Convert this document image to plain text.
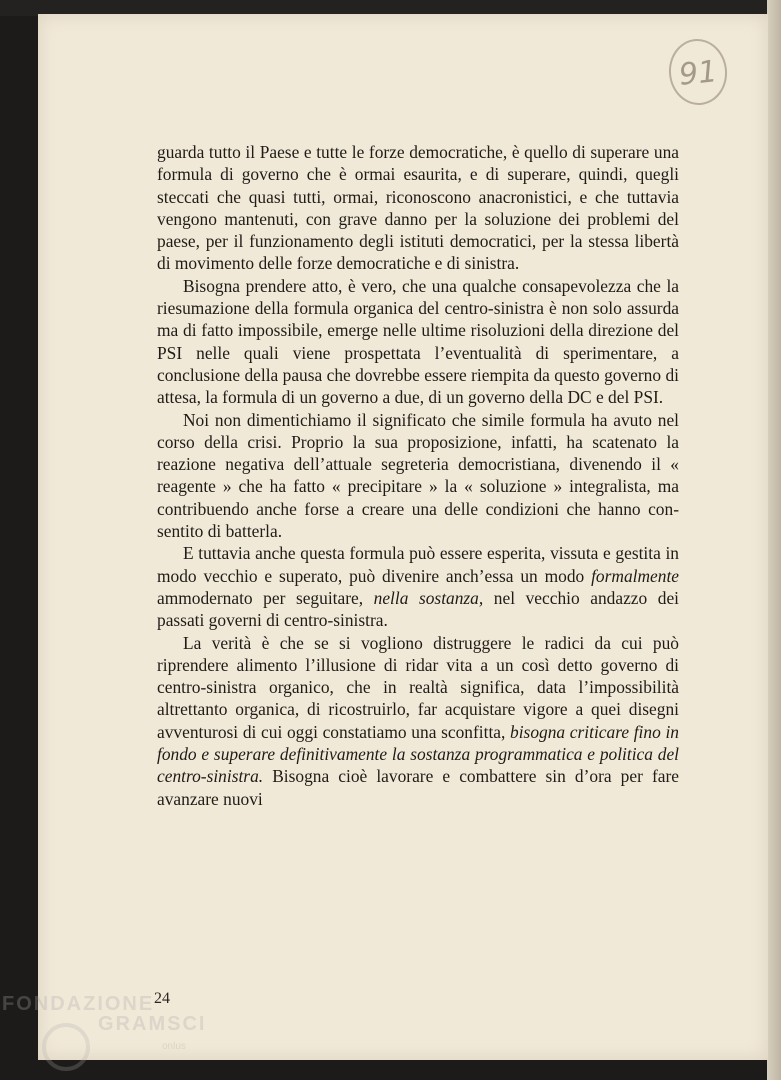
91

guarda tutto il Paese e tutte le forze democratiche, è quello di superare una formula di governo che è ormai esaurita, e di superare, quindi, quegli steccati che quasi tutti, ormai, riconoscono anacronistici, e che tuttavia vengono mantenuti, con grave danno per la soluzione dei problemi del paese, per il funzionamento degli istituti democratici, per la stessa libertà di movimento delle forze democratiche e di sinistra.

Bisogna prendere atto, è vero, che una qualche consapevolezza che la riesumazione della formula organica del centro-sinistra è non solo assurda ma di fatto impossibile, emerge nelle ultime risoluzioni della direzione del PSI nelle quali viene prospettata l’eventualità di sperimentare, a conclusione della pausa che dovrebbe essere riempita da questo governo di attesa, la formula di un governo a due, di un governo della DC e del PSI.

Noi non dimentichiamo il significato che simile formula ha avuto nel corso della crisi. Proprio la sua proposizione, infatti, ha scatenato la reazione negativa dell’attuale segreteria democristiana, divenendo il « reagente » che ha fatto « precipitare » la « soluzione » integralista, ma contribuendo anche forse a creare una delle condizioni che hanno consentito di batterla.

E tuttavia anche questa formula può essere esperita, vissuta e gestita in modo vecchio e superato, può divenire anch’essa un modo formalmente ammodernato per seguitare, nella sostanza, nel vecchio andazzo dei passati governi di centro-sinistra.

La verità è che se si vogliono distruggere le radici da cui può riprendere alimento l’illusione di ridar vita a un così detto governo di centro-sinistra organico, che in realtà significa, data l’impossibilità altrettanto organica, di ricostruirlo, far acquistare vigore a quei disegni avventurosi di cui oggi constatiamo una sconfitta, bisogna criticare fino in fondo e superare definitivamente la sostanza programmatica e politica del centro-sinistra. Bisogna cioè lavorare e combattere sin d’ora per fare avanzare nuovi

24
FONDAZIONE
GRAMSCI
onlus
